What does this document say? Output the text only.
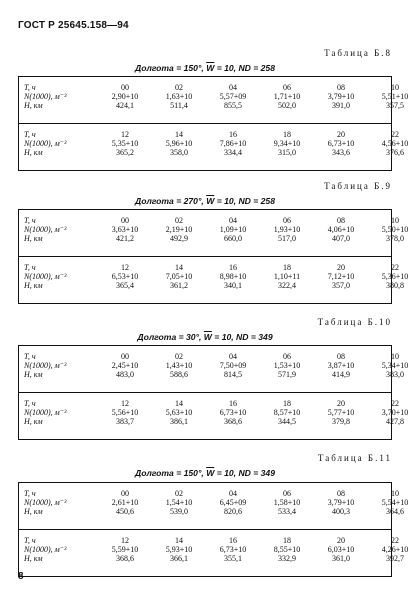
ГОСТ Р 25645.158—94
Таблица Б.8
Долгота = 150°, $\overline{W} = 10$, ND = 258
T, ч
N(1000), м⁻³
H, км
00
2,90+10
424,1
02
1,63+10
511,4
04
5,57+09
855,5
06
1,71+10
502,0
08
3,79+10
391,0
10
5,51+10
357,5
T, ч
N(1000), м⁻³
H, км
12
5,35+10
365,2
14
5,96+10
358,0
16
7,86+10
334,4
18
9,34+10
315,0
20
6,73+10
343,6
22
4,56+10
376,6
Таблица Б.9
Долгота = 270°, $\overline{W} = 10$, ND = 258
T, ч
N(1000), м⁻³
H, км
00
3,63+10
421,2
02
2,19+10
492,9
04
1,09+10
660,0
06
1,93+10
517,0
08
4,06+10
407,0
10
5,50+10
378,0
T, ч
N(1000), м⁻³
H, км
12
6,53+10
365,4
14
7,05+10
361,2
16
8,98+10
340,1
18
1,10+11
322,4
20
7,12+10
357,0
22
5,36+10
380,8
Таблица Б.10
Долгота = 30°, $\overline{W} = 10$, ND = 349
T, ч
N(1000), м⁻³
H, км
00
2,45+10
483,0
02
1,43+10
588,6
04
7,50+09
814,5
06
1,53+10
571,9
08
3,87+10
414,9
10
5,34+10
383,0
T, ч
N(1000), м⁻³
H, км
12
5,56+10
383,7
14
5,63+10
386,1
16
6,73+10
368,6
18
8,57+10
344,5
20
5,77+10
379,8
22
3,70+10
427,8
Таблица Б.11
Долгота = 150°, $\overline{W} = 10$, ND = 349
T, ч
N(1000), м⁻³
H, км
00
2,61+10
450,6
02
1,54+10
539,0
04
6,45+09
820,6
06
1,58+10
533,4
08
3,79+10
400,3
10
5,54+10
364,6
T, ч
N(1000), м⁻³
H, км
12
5,59+10
368,6
14
5,93+10
366,1
16
6,73+10
355,1
18
8,55+10
332,9
20
6,03+10
361,0
22
4,26+10
392,7
8
